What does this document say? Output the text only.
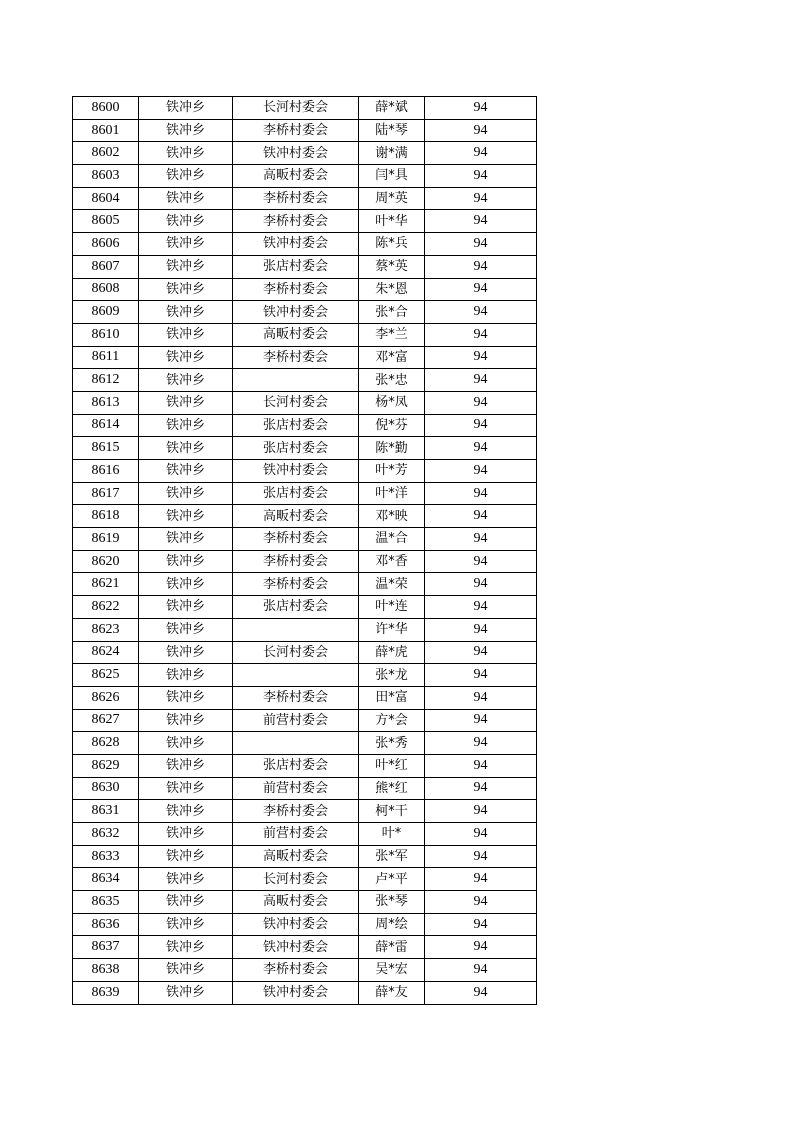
8600	铁冲乡	长河村委会	薛*斌	94
8601	铁冲乡	李桥村委会	陆*琴	94
8602	铁冲乡	铁冲村委会	谢*满	94
8603	铁冲乡	高畈村委会	闫*具	94
8604	铁冲乡	李桥村委会	周*英	94
8605	铁冲乡	李桥村委会	叶*华	94
8606	铁冲乡	铁冲村委会	陈*兵	94
8607	铁冲乡	张店村委会	蔡*英	94
8608	铁冲乡	李桥村委会	朱*恩	94
8609	铁冲乡	铁冲村委会	张*合	94
8610	铁冲乡	高畈村委会	李*兰	94
8611	铁冲乡	李桥村委会	邓*富	94
8612	铁冲乡		张*忠	94
8613	铁冲乡	长河村委会	杨*凤	94
8614	铁冲乡	张店村委会	倪*芬	94
8615	铁冲乡	张店村委会	陈*勤	94
8616	铁冲乡	铁冲村委会	叶*芳	94
8617	铁冲乡	张店村委会	叶*洋	94
8618	铁冲乡	高畈村委会	邓*映	94
8619	铁冲乡	李桥村委会	温*合	94
8620	铁冲乡	李桥村委会	邓*香	94
8621	铁冲乡	李桥村委会	温*荣	94
8622	铁冲乡	张店村委会	叶*连	94
8623	铁冲乡		许*华	94
8624	铁冲乡	长河村委会	薛*虎	94
8625	铁冲乡		张*龙	94
8626	铁冲乡	李桥村委会	田*富	94
8627	铁冲乡	前营村委会	方*会	94
8628	铁冲乡		张*秀	94
8629	铁冲乡	张店村委会	叶*红	94
8630	铁冲乡	前营村委会	熊*红	94
8631	铁冲乡	李桥村委会	柯*干	94
8632	铁冲乡	前营村委会	叶*	94
8633	铁冲乡	高畈村委会	张*军	94
8634	铁冲乡	长河村委会	卢*平	94
8635	铁冲乡	高畈村委会	张*琴	94
8636	铁冲乡	铁冲村委会	周*绘	94
8637	铁冲乡	铁冲村委会	薛*雷	94
8638	铁冲乡	李桥村委会	吴*宏	94
8639	铁冲乡	铁冲村委会	薛*友	94
